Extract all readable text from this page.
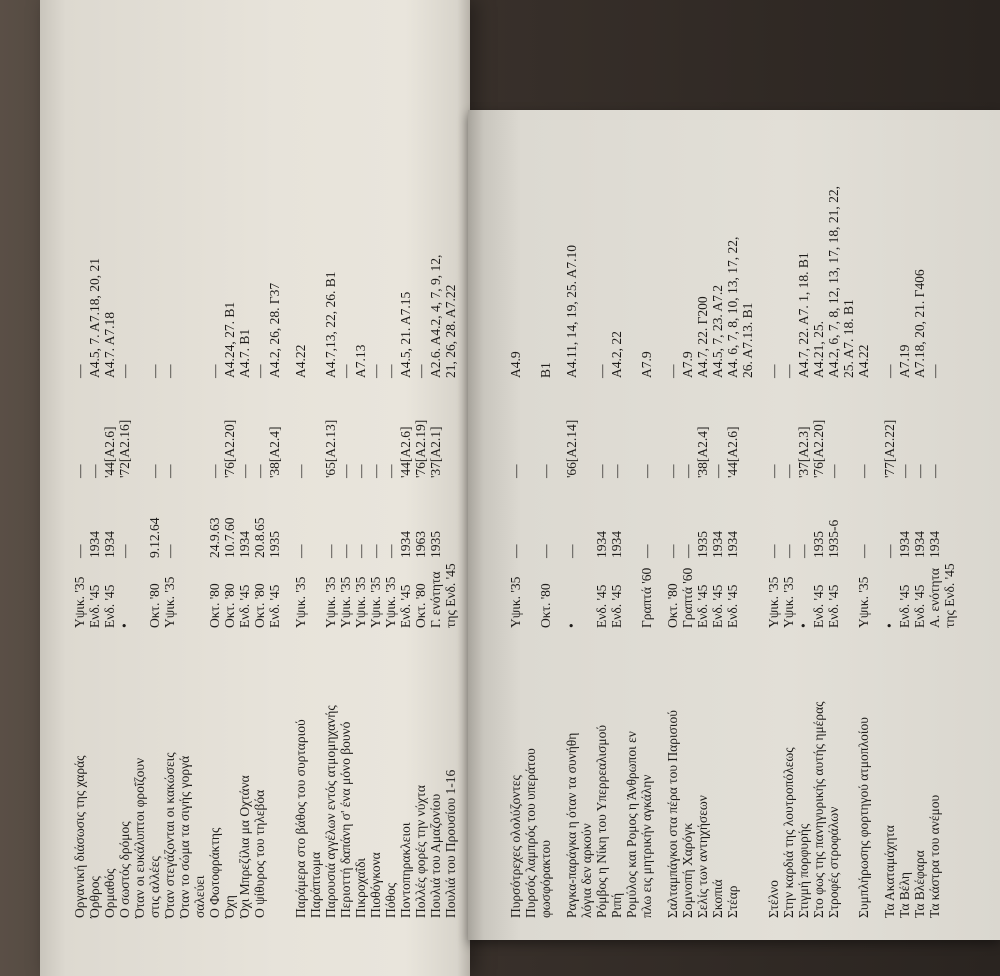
Οργανική διάσωσις της χαράςΥψικ. '35———
ΌρθροςΕνδ. '451934—Α4.5, 7. Α7.18, 20, 21
ΟρμαθόςΕνδ. '451934'44[Α2.6]Α4.7. Α7.18
Ο σωστός δρόμος•—'72[Α2.16]—
Όταν οι ευκάλυπτοι φροΐζουν στις αλλέεςΟκτ. '809.12.64——
Όταν στεγάζονται οι κακώσειςΥψικ. '35———
Όταν το σώμα τα σιγής γοργά σαλεύει Ο ΦωτοφράκτηςΟκτ. '8024.9.63——
ΌχηΟκτ. '8010.7.60'76[Α2.20]Α4.24, 27. Β1
Όχι Μπρεζίλια μα ΟχτάναΕνδ. '451934—Α4.7. Β1
Ο ψίθυρος του τηλεβόαΟκτ. '8020.8.65——
Ενδ. '451935'38[Α2.4]Α4.2, 26, 28. Γ37
Παράμερα στο βάθος του συρταριούΥψικ. '35——Α4.22
Παράπτωμα Παρουσιά αγγέλων εντός ατμομηχανήςΥψικ. '35—'65[Α2.13]Α4.7,13, 22, 26. Β1
Περιοττή δαπάνη σ' ένα μόνο βουνόΥψικ. '35———
ΠικροχαΐδιΥψικ. '35——Α7.13
ΠιοθόγκοναΥψικ. '35———
ΠόθοςΥψικ. '35———
ΠoντοπηρακλειοιΕνδ. '451934'44[Α2.6]Α4.5, 21. Α7.15
Πολλές φορές την νύχταΟκτ. '801963'76[Α2.19]—
Πουλιά του ΑμαζονίουΓ. ενότητα1935'37[Α2.1]Α2.6. Α4.2, 4, 7, 9, 12,
Πουλιά του Προυσίου 1-16της Ενδ. '4521, 26, 28. Α7.22
Πυρσότρεχες ολολύζοντεςΥψικ. '35——Α4.9
Πυρσός λαμπρός του υπεράτου φωσφόρακτουΟκτ. '80——Β1
Ραγκα-παράγκα η όταν τα συνήθη•—'66[Α2.14]Α4.11, 14, 19, 25. Α7.10
λόγια δεν αρκούν Ρόμβος η Νίκη του ΥπερρεαλισμούΕνδ. '451934——
ΡιπήΕνδ. '451934—Α4.2, 22
Ρομύλος και Ρομος η Άνθρωποι εν πλω εις μητρικήν αγκάληνΓραπτά '60——Α7.9
Σαλταμπάγκοι στα πέρα του ΠαρισιούΟκτ. '80———
Σομνοπή ΧαρόγκΓραπτά '60——Α7.9
Σελίς των αντηχήσεωνΕνδ. '451935'38[Α2.4]Α4.7, 22. Γ200
ΣκοπιάΕνδ. '451934—Α4.5, 7, 23. Α7.2
ΣτέαρΕνδ. '451934'44[Α2.6]Α4. 6, 7, 8, 10, 13, 17, 22, 26. Α7.13. Β1
ΣτέλνοΥψικ. '35———
Στην καρδιά της λουτροπόλεωςΥψικ. '35———
Στιγμή πορφυρής•—'37[Α2.3]Α4.7, 22. Α7. 1, 18. Β1
Στο φως της πανηγυρικής αυτής ημέραςΕνδ. '451935'76[Α2.20]Α4.21, 25.
Στροφές στροφάλωνΕνδ. '451935-6—Α4.2, 6, 7, 8, 12, 13, 17, 18, 21, 22, 25. Α7. 18. Β1
Συμπλήρωσης φορτηγού ατμοπλοίουΥψικ. '35——Α4.22
Τα Ακαταμάχητα•—'77[Α2.22]—
Τα ΒέληΕνδ. '451934—Α7.19
Τα ΒλέφαραΕνδ. '451934—Α7.18, 20, 21. Γ406
Τα κάστρα του ανέμουΑ. ενότητα1934——
της Ενδ. '45
